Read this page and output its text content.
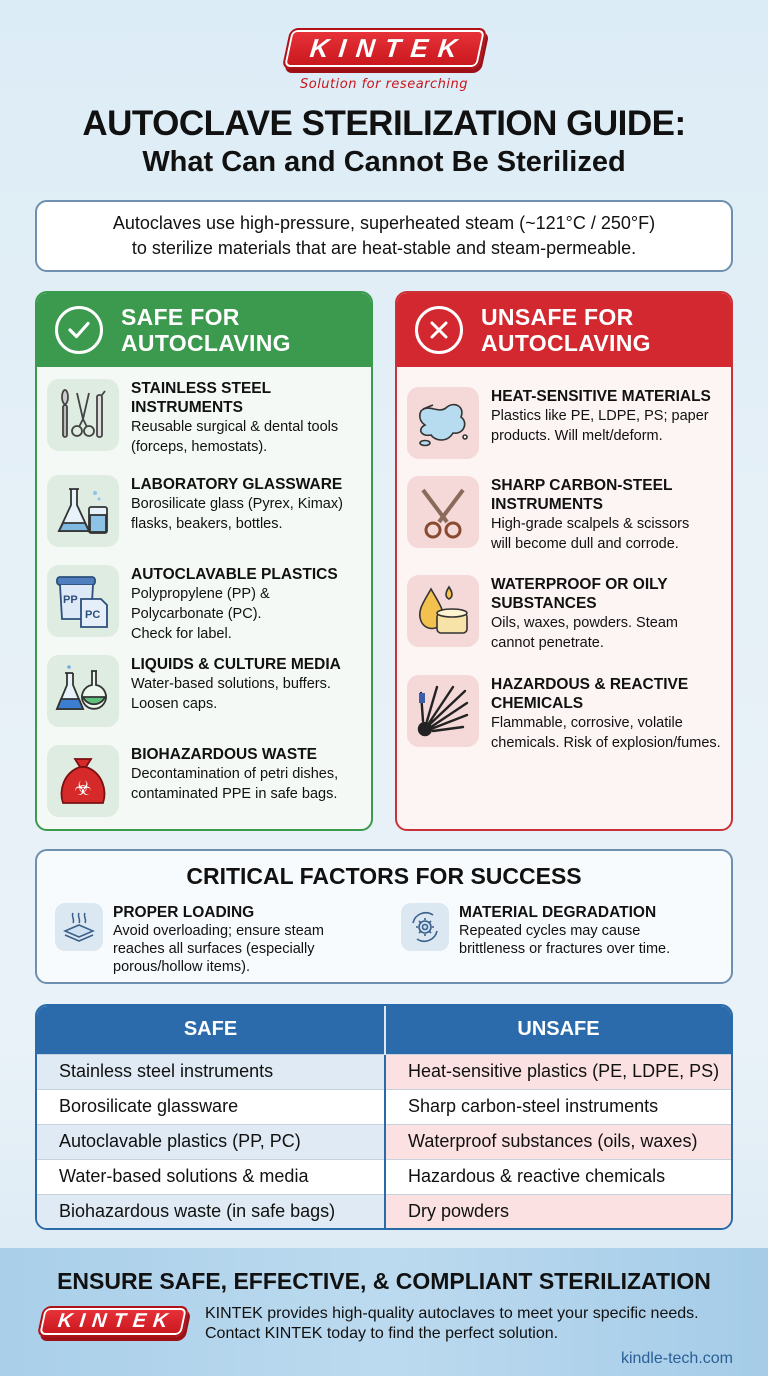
KINTEK
Solution for researching
AUTOCLAVE STERILIZATION GUIDE:
What Can and Cannot Be Sterilized
Autoclaves use high-pressure, superheated steam (~121°C / 250°F)
to sterilize materials that are heat-stable and steam-permeable.
SAFE FOR
AUTOCLAVING
STAINLESS STEEL
INSTRUMENTS
Reusable surgical & dental tools
(forceps, hemostats).
LABORATORY GLASSWARE
Borosilicate glass (Pyrex, Kimax)
flasks, beakers, bottles.
PP
PC
AUTOCLAVABLE PLASTICS
Polypropylene (PP) &
Polycarbonate (PC).
Check for label.
LIQUIDS & CULTURE MEDIA
Water-based solutions, buffers.
Loosen caps.
☣
BIOHAZARDOUS WASTE
Decontamination of petri dishes,
contaminated PPE in safe bags.
UNSAFE FOR
AUTOCLAVING
HEAT-SENSITIVE MATERIALS
Plastics like PE, LDPE, PS; paper
products. Will melt/deform.
SHARP CARBON-STEEL
INSTRUMENTS
High-grade scalpels & scissors
will become dull and corrode.
WATERPROOF OR OILY
SUBSTANCES
Oils, waxes, powders. Steam
cannot penetrate.
HAZARDOUS & REACTIVE
CHEMICALS
Flammable, corrosive, volatile
chemicals. Risk of explosion/fumes.
CRITICAL FACTORS FOR SUCCESS
PROPER LOADING
Avoid overloading; ensure steam
reaches all surfaces (especially
porous/hollow items).
MATERIAL DEGRADATION
Repeated cycles may cause
brittleness or fractures over time.
SAFE	UNSAFE
Stainless steel instruments	Heat-sensitive plastics (PE, LDPE, PS)
Borosilicate glassware	Sharp carbon-steel instruments
Autoclavable plastics (PP, PC)	Waterproof substances (oils, waxes)
Water-based solutions & media	Hazardous & reactive chemicals
Biohazardous waste (in safe bags)	Dry powders
ENSURE SAFE, EFFECTIVE, & COMPLIANT STERILIZATION
KINTEK	KINTEK provides high-quality autoclaves to meet your specific needs.
Contact KINTEK today to find the perfect solution.
kindle-tech.com
